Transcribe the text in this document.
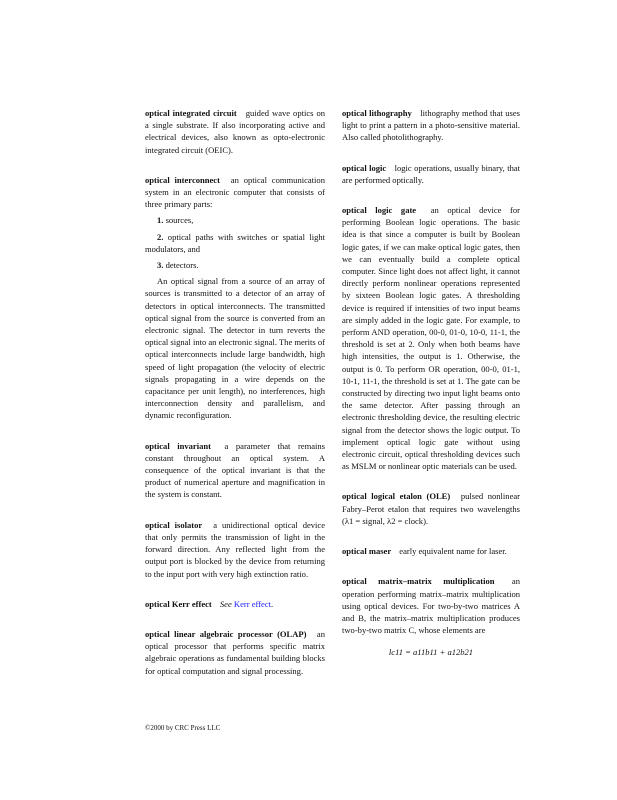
optical integrated circuit guided wave optics on a single substrate. If also incorporating active and electrical devices, also known as opto-electronic integrated circuit (OEIC).
optical interconnect an optical communication system in an electronic computer that consists of three primary parts:
1. sources,
2. optical paths with switches or spatial light modulators, and
3. detectors.
An optical signal from a source of an array of sources is transmitted to a detector of an array of detectors in optical interconnects. The transmitted optical signal from the source is converted from an electronic signal. The detector in turn reverts the optical signal into an electronic signal. The merits of optical interconnects include large bandwidth, high speed of light propagation (the velocity of electric signals propagating in a wire depends on the capacitance per unit length), no interferences, high interconnection density and parallelism, and dynamic reconfiguration.
optical invariant a parameter that remains constant throughout an optical system. A consequence of the optical invariant is that the product of numerical aperture and magnification in the system is constant.
optical isolator a unidirectional optical device that only permits the transmission of light in the forward direction. Any reflected light from the output port is blocked by the device from returning to the input port with very high extinction ratio.
optical Kerr effect See Kerr effect.
optical linear algebraic processor (OLAP) an optical processor that performs specific matrix algebraic operations as fundamental building blocks for optical computation and signal processing.
optical lithography lithography method that uses light to print a pattern in a photo-sensitive material. Also called photolithography.
optical logic logic operations, usually binary, that are performed optically.
optical logic gate an optical device for performing Boolean logic operations. The basic idea is that since a computer is built by Boolean logic gates, if we can make optical logic gates, then we can eventually build a complete optical computer. Since light does not affect light, it cannot directly perform nonlinear operations represented by sixteen Boolean logic gates. A thresholding device is required if intensities of two input beams are simply added in the logic gate. For example, to perform AND operation, 00-0, 01-0, 10-0, 11-1, the threshold is set at 2. Only when both beams have high intensities, the output is 1. Otherwise, the output is 0. To perform OR operation, 00-0, 01-1, 10-1, 11-1, the threshold is set at 1. The gate can be constructed by directing two input light beams onto the same detector. After passing through an electronic thresholding device, the resulting electric signal from the detector shows the logic output. To implement optical logic gate without using electronic circuit, optical thresholding devices such as MSLM or nonlinear optic materials can be used.
optical logical etalon (OLE) pulsed nonlinear Fabry–Perot etalon that requires two wavelengths (λ1 = signal, λ2 = clock).
optical maser early equivalent name for laser.
optical matrix–matrix multiplication an operation performing matrix–matrix multiplication using optical devices. For two-by-two matrices A and B, the matrix–matrix multiplication produces two-by-two matrix C, whose elements are
lc11 = a11b11 + a12b21
©2000 by CRC Press LLC
